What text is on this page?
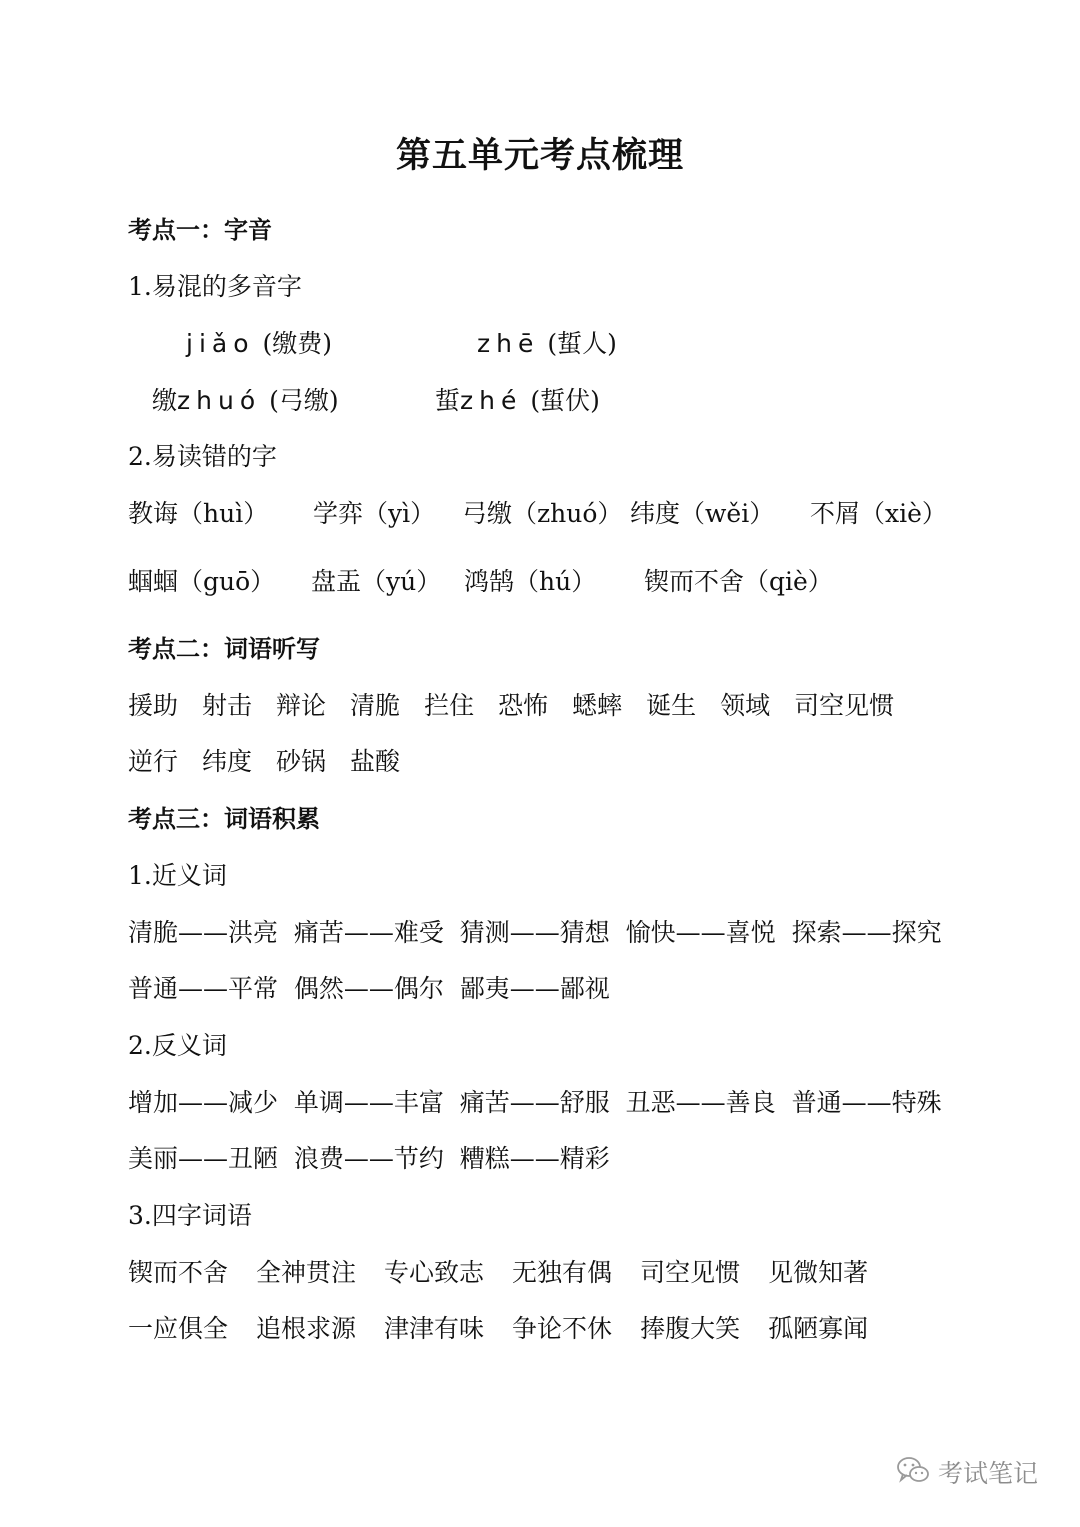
第五单元考点梳理
考点一：字音
1.易混的多音字
jiǎo (缴费)	zhē (蜇人)
缴zhuó (弓缴)	蜇zhé (蜇伏)
2.易读错的字
教诲（huì） 学弈（yì） 弓缴（zhuó） 纬度（wěi） 不屑（xiè）
蝈蝈（guō） 盘盂（yú） 鸿鹄（hú） 锲而不舍（qiè）
考点二：词语听写
援助 射击 辩论 清脆 拦住 恐怖 蟋蟀 诞生 领域 司空见惯
逆行 纬度 砂锅 盐酸
考点三：词语积累
1.近义词
清脆——洪亮  痛苦——难受  猜测——猜想  愉快——喜悦  探索——探究
普通——平常  偶然——偶尔  鄙夷——鄙视
2.反义词
增加——减少  单调——丰富  痛苦——舒服  丑恶——善良  普通——特殊
美丽——丑陋  浪费——节约  糟糕——精彩
3.四字词语
锲而不舍 全神贯注 专心致志 无独有偶 司空见惯 见微知著
一应俱全 追根求源 津津有味 争论不休 捧腹大笑 孤陋寡闻
考试笔记
